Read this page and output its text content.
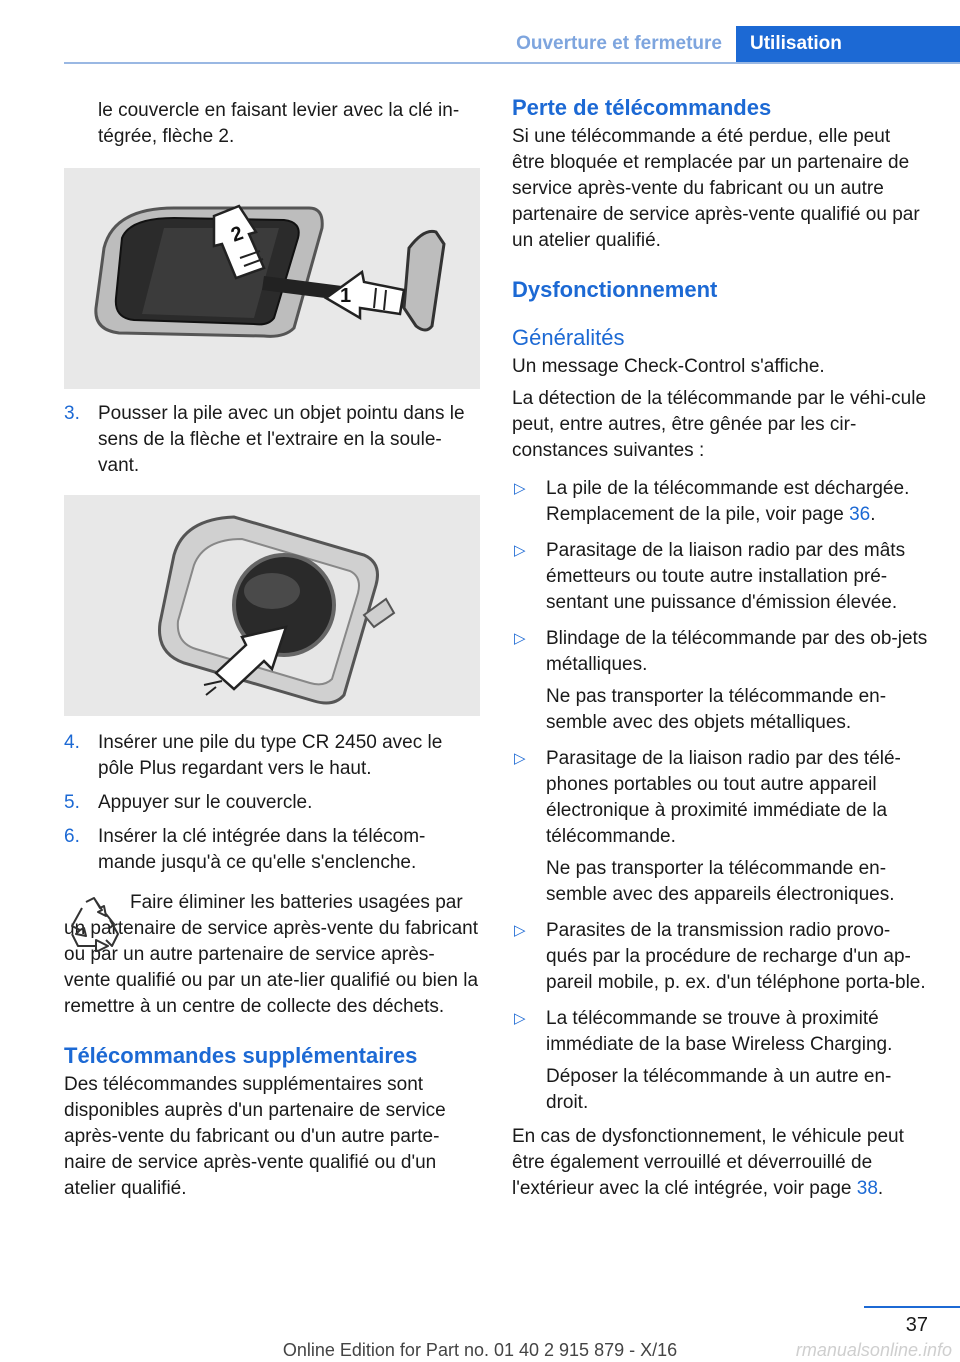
Ouverture et fermeture	Utilisation

le couvercle en faisant levier avec la clé in-
tégrée, flèche 2.

2
1
3. Pousser la pile avec un objet pointu dans le sens de la flèche et l'extraire en la soule-vant.
4. Insérer une pile du type CR 2450 avec le pôle Plus regardant vers le haut.
5. Appuyer sur le couvercle.
6. Insérer la clé intégrée dans la télécom-mande jusqu'à ce qu'elle s'enclenche.

Faire éliminer les batteries usagées par un partenaire de service après-vente du fabricant ou par un autre partenaire de service après-vente qualifié ou par un ate-lier qualifié ou bien la remettre à un centre de collecte des déchets.

Télécommandes supplémentaires

Des télécommandes supplémentaires sont disponibles auprès d'un partenaire de service après-vente du fabricant ou d'un autre parte-naire de service après-vente qualifié ou d'un atelier qualifié.

Perte de télécommandes

Si une télécommande a été perdue, elle peut être bloquée et remplacée par un partenaire de service après-vente du fabricant ou un autre partenaire de service après-vente qualifié ou par un atelier qualifié.

Dysfonctionnement
Généralités

Un message Check-Control s'affiche.

La détection de la télécommande par le véhi-cule peut, entre autres, être gênée par les cir-constances suivantes :

▷ La pile de la télécommande est déchargée. Remplacement de la pile, voir page 36.
▷ Parasitage de la liaison radio par des mâts émetteurs ou toute autre installation pré-sentant une puissance d'émission élevée.
▷ Blindage de la télécommande par des ob-jets métalliques.

Ne pas transporter la télécommande en-semble avec des objets métalliques.

▷ Parasitage de la liaison radio par des télé-phones portables ou tout autre appareil électronique à proximité immédiate de la télécommande.

Ne pas transporter la télécommande en-semble avec des appareils électroniques.

▷ Parasites de la transmission radio provo-qués par la procédure de recharge d'un ap-pareil mobile, p. ex. d'un téléphone porta-ble.
▷ La télécommande se trouve à proximité immédiate de la base Wireless Charging.

Déposer la télécommande à un autre en-droit.

En cas de dysfonctionnement, le véhicule peut être également verrouillé et déverrouillé de l'extérieur avec la clé intégrée, voir page 38.

37
Online Edition for Part no. 01 40 2 915 879 - X/16	rmanualsonline.info
